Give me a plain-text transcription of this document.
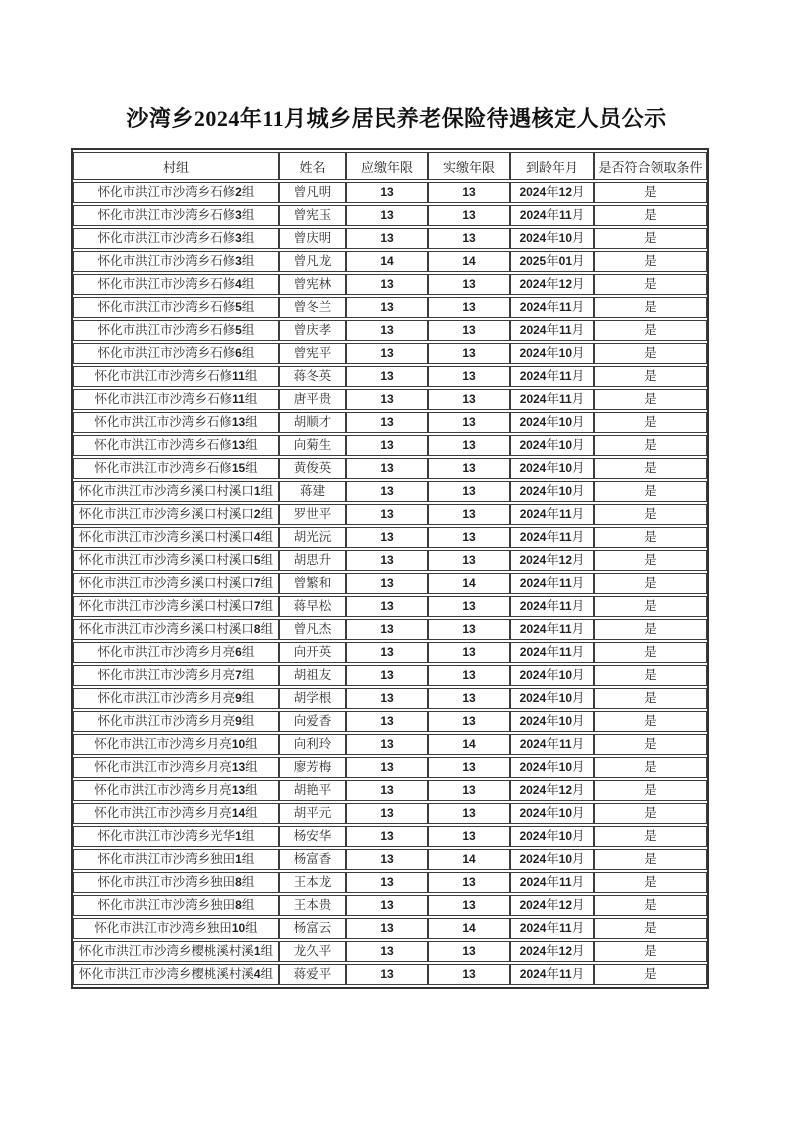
沙湾乡2024年11月城乡居民养老保险待遇核定人员公示
村组	姓名	应缴年限	实缴年限	到龄年月	是否符合领取条件
怀化市洪江市沙湾乡石修2组	曾凡明	13	13	2024年12月	是
怀化市洪江市沙湾乡石修3组	曾宪玉	13	13	2024年11月	是
怀化市洪江市沙湾乡石修3组	曾庆明	13	13	2024年10月	是
怀化市洪江市沙湾乡石修3组	曾凡龙	14	14	2025年01月	是
怀化市洪江市沙湾乡石修4组	曾宪林	13	13	2024年12月	是
怀化市洪江市沙湾乡石修5组	曾冬兰	13	13	2024年11月	是
怀化市洪江市沙湾乡石修5组	曾庆孝	13	13	2024年11月	是
怀化市洪江市沙湾乡石修6组	曾宪平	13	13	2024年10月	是
怀化市洪江市沙湾乡石修11组	蒋冬英	13	13	2024年11月	是
怀化市洪江市沙湾乡石修11组	唐平贵	13	13	2024年11月	是
怀化市洪江市沙湾乡石修13组	胡顺才	13	13	2024年10月	是
怀化市洪江市沙湾乡石修13组	向菊生	13	13	2024年10月	是
怀化市洪江市沙湾乡石修15组	黄俊英	13	13	2024年10月	是
怀化市洪江市沙湾乡溪口村溪口1组	蒋建	13	13	2024年10月	是
怀化市洪江市沙湾乡溪口村溪口2组	罗世平	13	13	2024年11月	是
怀化市洪江市沙湾乡溪口村溪口4组	胡光沅	13	13	2024年11月	是
怀化市洪江市沙湾乡溪口村溪口5组	胡思升	13	13	2024年12月	是
怀化市洪江市沙湾乡溪口村溪口7组	曾繁和	13	14	2024年11月	是
怀化市洪江市沙湾乡溪口村溪口7组	蒋早松	13	13	2024年11月	是
怀化市洪江市沙湾乡溪口村溪口8组	曾凡杰	13	13	2024年11月	是
怀化市洪江市沙湾乡月亮6组	向开英	13	13	2024年11月	是
怀化市洪江市沙湾乡月亮7组	胡祖友	13	13	2024年10月	是
怀化市洪江市沙湾乡月亮9组	胡学根	13	13	2024年10月	是
怀化市洪江市沙湾乡月亮9组	向爱香	13	13	2024年10月	是
怀化市洪江市沙湾乡月亮10组	向利玲	13	14	2024年11月	是
怀化市洪江市沙湾乡月亮13组	廖芳梅	13	13	2024年10月	是
怀化市洪江市沙湾乡月亮13组	胡艳平	13	13	2024年12月	是
怀化市洪江市沙湾乡月亮14组	胡平元	13	13	2024年10月	是
怀化市洪江市沙湾乡光华1组	杨安华	13	13	2024年10月	是
怀化市洪江市沙湾乡独田1组	杨富香	13	14	2024年10月	是
怀化市洪江市沙湾乡独田8组	王本龙	13	13	2024年11月	是
怀化市洪江市沙湾乡独田8组	王本贵	13	13	2024年12月	是
怀化市洪江市沙湾乡独田10组	杨富云	13	14	2024年11月	是
怀化市洪江市沙湾乡樱桃溪村溪1组	龙久平	13	13	2024年12月	是
怀化市洪江市沙湾乡樱桃溪村溪4组	蒋爱平	13	13	2024年11月	是
